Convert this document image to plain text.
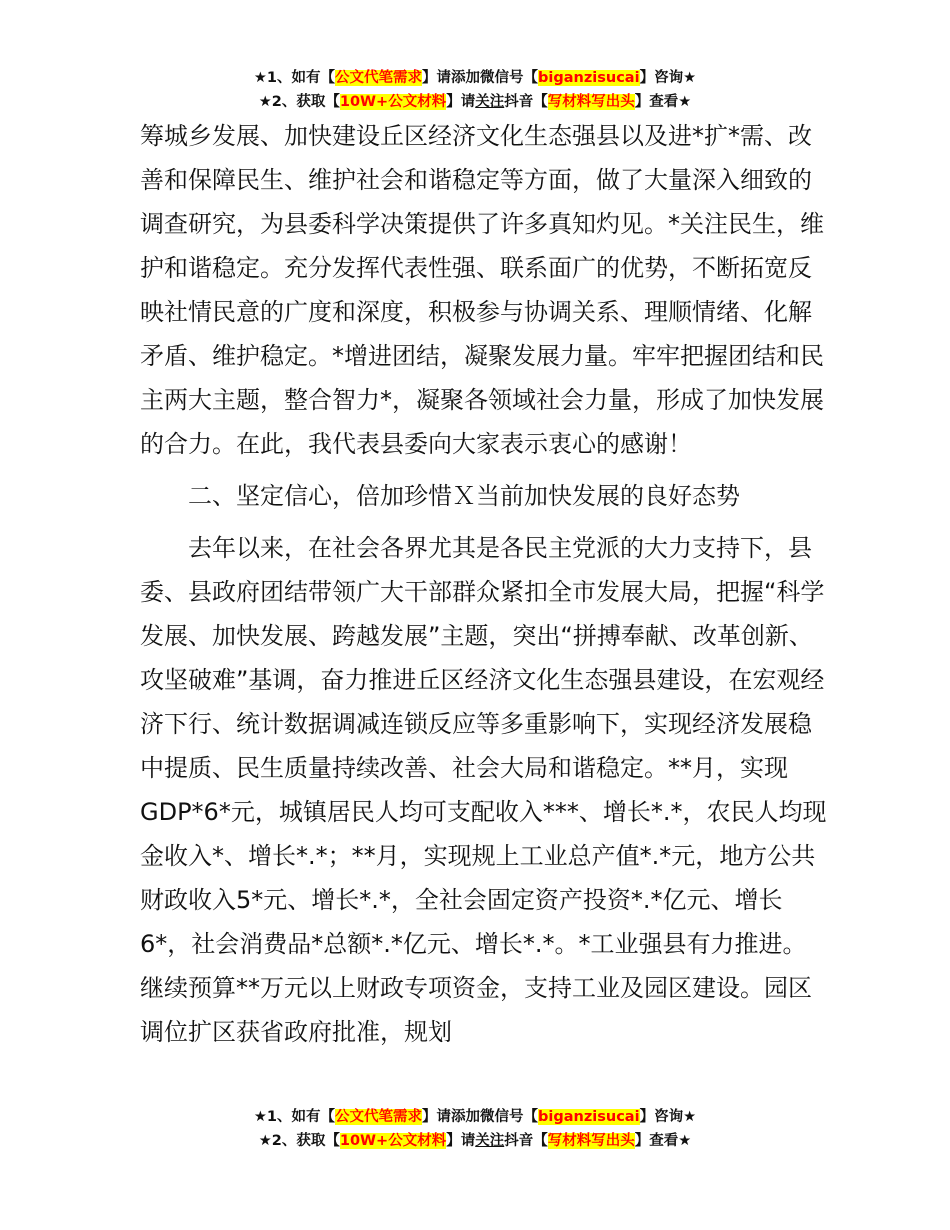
★1、如有【公文代笔需求】请添加微信号【biganzisucai】咨询★
★2、获取【10W+公文材料】请关注抖音【写材料写出头】查看★

筹城乡发展、加快建设丘区经济文化生态强县以及进*扩*需、改善和保障民生、维护社会和谐稳定等方面，做了大量深入细致的调查研究，为县委科学决策提供了许多真知灼见。*关注民生，维护和谐稳定。充分发挥代表性强、联系面广的优势，不断拓宽反映社情民意的广度和深度，积极参与协调关系、理顺情绪、化解矛盾、维护稳定。*增进团结，凝聚发展力量。牢牢把握团结和民主两大主题，整合智力*，凝聚各领域社会力量，形成了加快发展的合力。在此，我代表县委向大家表示衷心的感谢！

二、坚定信心，倍加珍惜Ｘ当前加快发展的良好态势

去年以来，在社会各界尤其是各民主党派的大力支持下，县委、县政府团结带领广大干部群众紧扣全市发展大局，把握“科学发展、加快发展、跨越发展”主题，突出“拼搏奉献、改革创新、攻坚破难”基调，奋力推进丘区经济文化生态强县建设，在宏观经济下行、统计数据调减连锁反应等多重影响下，实现经济发展稳中提质、民生质量持续改善、社会大局和谐稳定。**月，实现GDP*6*元，城镇居民人均可支配收入***、增长*.*，农民人均现金收入*、增长*.*；**月，实现规上工业总产值*.*元，地方公共财政收入5*元、增长*.*，全社会固定资产投资*.*亿元、增长6*，社会消费品*总额*.*亿元、增长*.*。*工业强县有力推进。继续预算**万元以上财政专项资金，支持工业及园区建设。园区调位扩区获省政府批准，规划

★1、如有【公文代笔需求】请添加微信号【biganzisucai】咨询★
★2、获取【10W+公文材料】请关注抖音【写材料写出头】查看★
